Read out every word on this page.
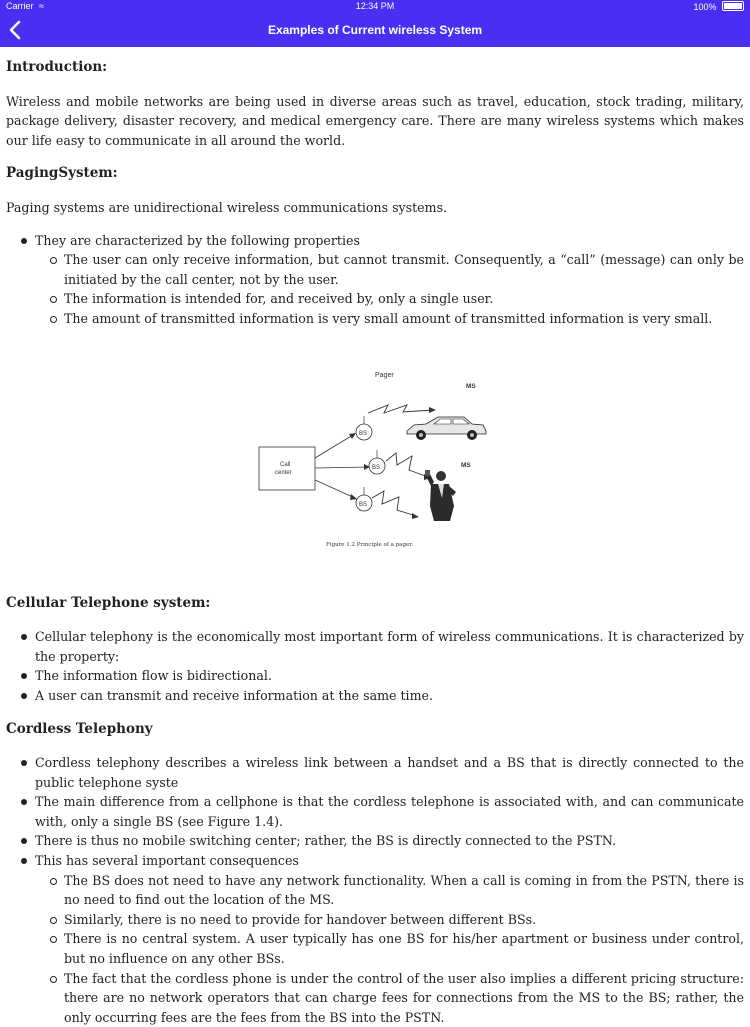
Carrier ≈	12:34 PM	100%
Examples of Current wireless System

Introduction:

Wireless and mobile networks are being used in diverse areas such as travel, education, stock trading, military, package delivery, disaster recovery, and medical emergency care. There are many wireless systems which makes our life easy to communicate in all around the world.

PagingSystem:

Paging systems are unidirectional wireless communications systems.

They are characterized by the following properties
The user can only receive information, but cannot transmit. Consequently, a “call” (message) can only be initiated by the call center, not by the user.
The information is intended for, and received by, only a single user.
The amount of transmitted information is very small amount of transmitted information is very small.
Pager
MS
MS
Call
center
BS
BS
BS
Figure 1.2 Principle of a pager.

Cellular Telephone system:

Cellular telephony is the economically most important form of wireless communications. It is characterized by the property:
The information flow is bidirectional.
A user can transmit and receive information at the same time.

Cordless Telephony

Cordless telephony describes a wireless link between a handset and a BS that is directly connected to the public telephone syste
The main difference from a cellphone is that the cordless telephone is associated with, and can communicate with, only a single BS (see Figure 1.4).
There is thus no mobile switching center; rather, the BS is directly connected to the PSTN.
This has several important consequences
The BS does not need to have any network functionality. When a call is coming in from the PSTN, there is no need to find out the location of the MS.
Similarly, there is no need to provide for handover between different BSs.
There is no central system. A user typically has one BS for his/her apartment or business under control, but no influence on any other BSs.
The fact that the cordless phone is under the control of the user also implies a different pricing structure: there are no network operators that can charge fees for connections from the MS to the BS; rather, the only occurring fees are the fees from the BS into the PSTN.
